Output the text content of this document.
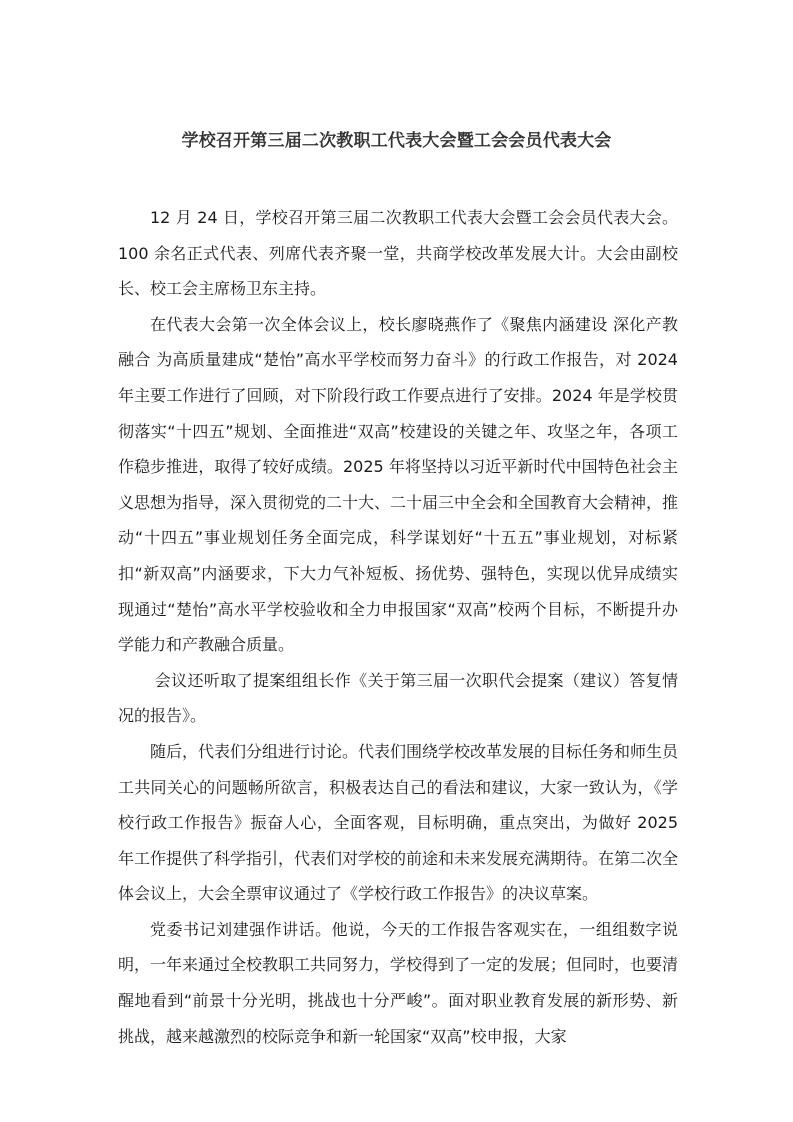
学校召开第三届二次教职工代表大会暨工会会员代表大会

12 月 24 日，学校召开第三届二次教职工代表大会暨工会会员代表大会。100 余名正式代表、列席代表齐聚一堂，共商学校改革发展大计。大会由副校长、校工会主席杨卫东主持。

在代表大会第一次全体会议上，校长廖晓燕作了《聚焦内涵建设 深化产教融合 为高质量建成“楚怡”高水平学校而努力奋斗》的行政工作报告，对 2024 年主要工作进行了回顾，对下阶段行政工作要点进行了安排。2024 年是学校贯彻落实“十四五”规划、全面推进“双高”校建设的关键之年、攻坚之年，各项工作稳步推进，取得了较好成绩。2025 年将坚持以习近平新时代中国特色社会主义思想为指导，深入贯彻党的二十大、二十届三中全会和全国教育大会精神，推动“十四五”事业规划任务全面完成，科学谋划好“十五五”事业规划，对标紧扣“新双高”内涵要求，下大力气补短板、扬优势、强特色，实现以优异成绩实现通过“楚怡”高水平学校验收和全力申报国家“双高”校两个目标，不断提升办学能力和产教融合质量。

会议还听取了提案组组长作《关于第三届一次职代会提案（建议）答复情况的报告》。

随后，代表们分组进行讨论。代表们围绕学校改革发展的目标任务和师生员工共同关心的问题畅所欲言，积极表达自己的看法和建议，大家一致认为，《学校行政工作报告》振奋人心，全面客观，目标明确，重点突出，为做好 2025 年工作提供了科学指引，代表们对学校的前途和未来发展充满期待。在第二次全体会议上，大会全票审议通过了《学校行政工作报告》的决议草案。

党委书记刘建强作讲话。他说，今天的工作报告客观实在，一组组数字说明，一年来通过全校教职工共同努力，学校得到了一定的发展；但同时，也要清醒地看到“前景十分光明，挑战也十分严峻”。面对职业教育发展的新形势、新挑战，越来越激烈的校际竞争和新一轮国家“双高”校申报，大家
